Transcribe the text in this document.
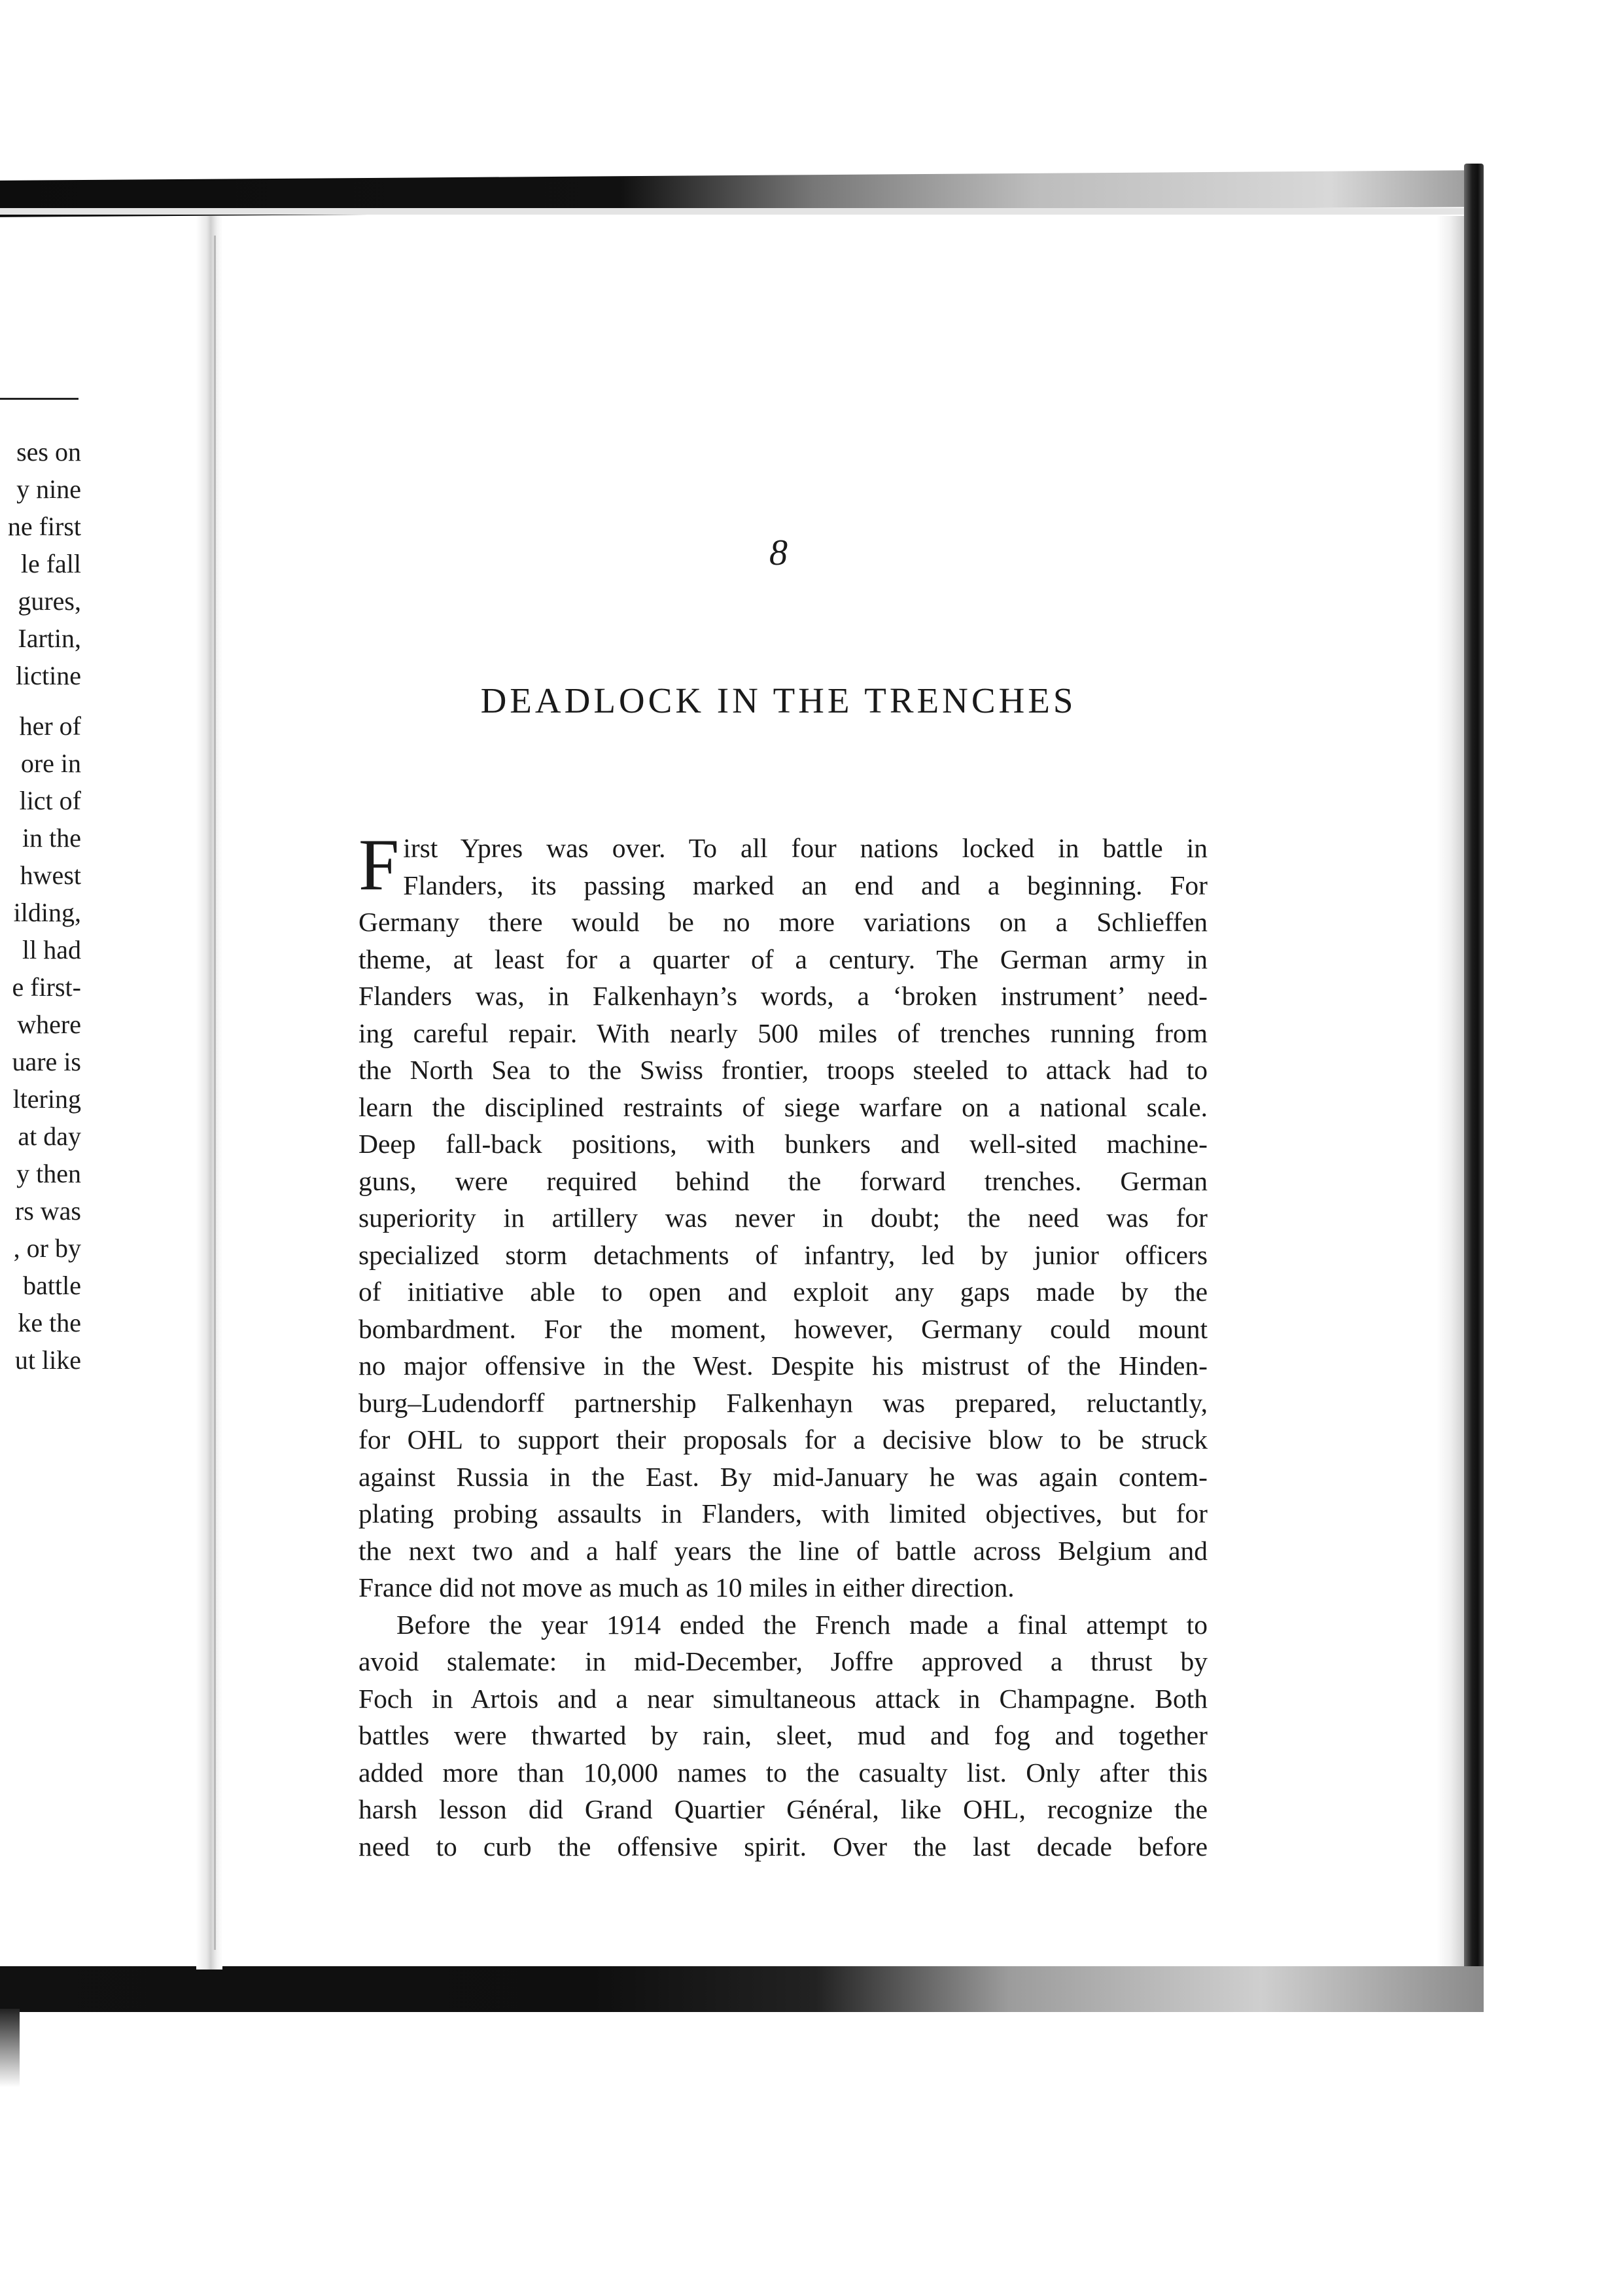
ses on
y nine
ne first
le fall
gures,
Iartin,
lictine
her of
ore in
lict of
in the
hwest
ilding,
ll had
e first-
where
uare is
ltering
at day
y then
rs was
, or by
battle
ke the
ut like
8
DEADLOCK IN THE TRENCHES
F irst Ypres was over. To all four nations locked in battle in
Flanders, its passing marked an end and a beginning. For
Germany there would be no more variations on a Schlieffen
theme, at least for a quarter of a century. The German army in
Flanders was, in Falkenhayn’s words, a ‘broken instrument’ need-
ing careful repair. With nearly 500 miles of trenches running from
the North Sea to the Swiss frontier, troops steeled to attack had to
learn the disciplined restraints of siege warfare on a national scale.
Deep fall-back positions, with bunkers and well-sited machine-
guns, were required behind the forward trenches. German
superiority in artillery was never in doubt; the need was for
specialized storm detachments of infantry, led by junior officers
of initiative able to open and exploit any gaps made by the
bombardment. For the moment, however, Germany could mount
no major offensive in the West. Despite his mistrust of the Hinden-
burg–Ludendorff partnership Falkenhayn was prepared, reluctantly,
for OHL to support their proposals for a decisive blow to be struck
against Russia in the East. By mid-January he was again contem-
plating probing assaults in Flanders, with limited objectives, but for
the next two and a half years the line of battle across Belgium and
France did not move as much as 10 miles in either direction.
Before the year 1914 ended the French made a final attempt to
avoid stalemate: in mid-December, Joffre approved a thrust by
Foch in Artois and a near simultaneous attack in Champagne. Both
battles were thwarted by rain, sleet, mud and fog and together
added more than 10,000 names to the casualty list. Only after this
harsh lesson did Grand Quartier Général, like OHL, recognize the
need to curb the offensive spirit. Over the last decade before
